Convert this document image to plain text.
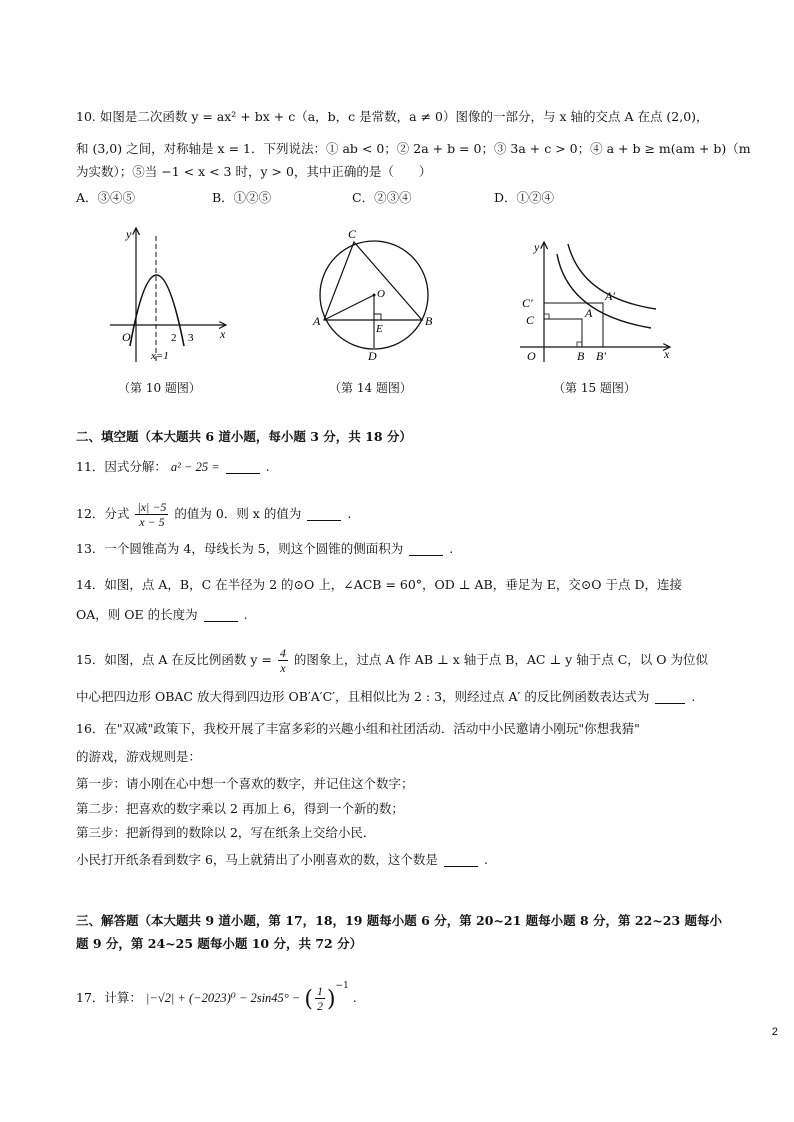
10. 如图是二次函数 y = ax² + bx + c（a，b，c 是常数，a ≠ 0）图像的一部分，与 x 轴的交点 A 在点 (2,0)，
和 (3,0) 之间，对称轴是 x = 1．下列说法：① ab < 0；② 2a + b = 0；③ 3a + c > 0；④ a + b ≥ m(am + b)（m
为实数）；⑤当 −1 < x < 3 时，y > 0，其中正确的是（　　）
A．③④⑤	B．①②⑤	C．②③④	D．①②④
y
x
O	2 3
x=1
（第 10 题图）
C
O
A
E
B
D
（第 14 题图）
y
x
O
C′
C
A′
A
B B′
（第 15 题图）
二、填空题（本大题共 6 道小题，每小题 3 分，共 18 分）
11．因式分解： a² − 25 =	.
12．分式 $\frac{|x| -5}{x - 5}$ 的值为 0．则 x 的值为	.
13．一个圆锥高为 4，母线长为 5，则这个圆锥的侧面积为	.
14．如图，点 A，B，C 在半径为 2 的⊙O 上，∠ACB = 60°，OD ⊥ AB，垂足为 E，交⊙O 于点 D，连接
OA，则 OE 的长度为	.
15．如图，点 A 在反比例函数 $y = \frac{4}{x}$ 的图象上，过点 A 作 AB ⊥ x 轴于点 B，AC ⊥ y 轴于点 C，以 O 为位似
中心把四边形 OBAC 放大得到四边形 OB′A′C′，且相似比为 2 : 3，则经过点 A′ 的反比例函数表达式为	.
16．在"双减"政策下，我校开展了丰富多彩的兴趣小组和社团活动．活动中小民邀请小刚玩"你想我猜"
的游戏，游戏规则是：
第一步：请小刚在心中想一个喜欢的数字，并记住这个数字；
第二步：把喜欢的数字乘以 2 再加上 6，得到一个新的数；
第三步：把新得到的数除以 2，写在纸条上交给小民．
小民打开纸条看到数字 6，马上就猜出了小刚喜欢的数，这个数是	.
三、解答题（本大题共 9 道小题，第 17，18，19 题每小题 6 分，第 20~21 题每小题 8 分，第 22~23 题每小
题 9 分，第 24~25 题每小题 10 分，共 72 分）
17．计算： |−√2| + (−2023)⁰ − 2sin45° − ( $\frac{1}{2} )^{-1}$ .
2
